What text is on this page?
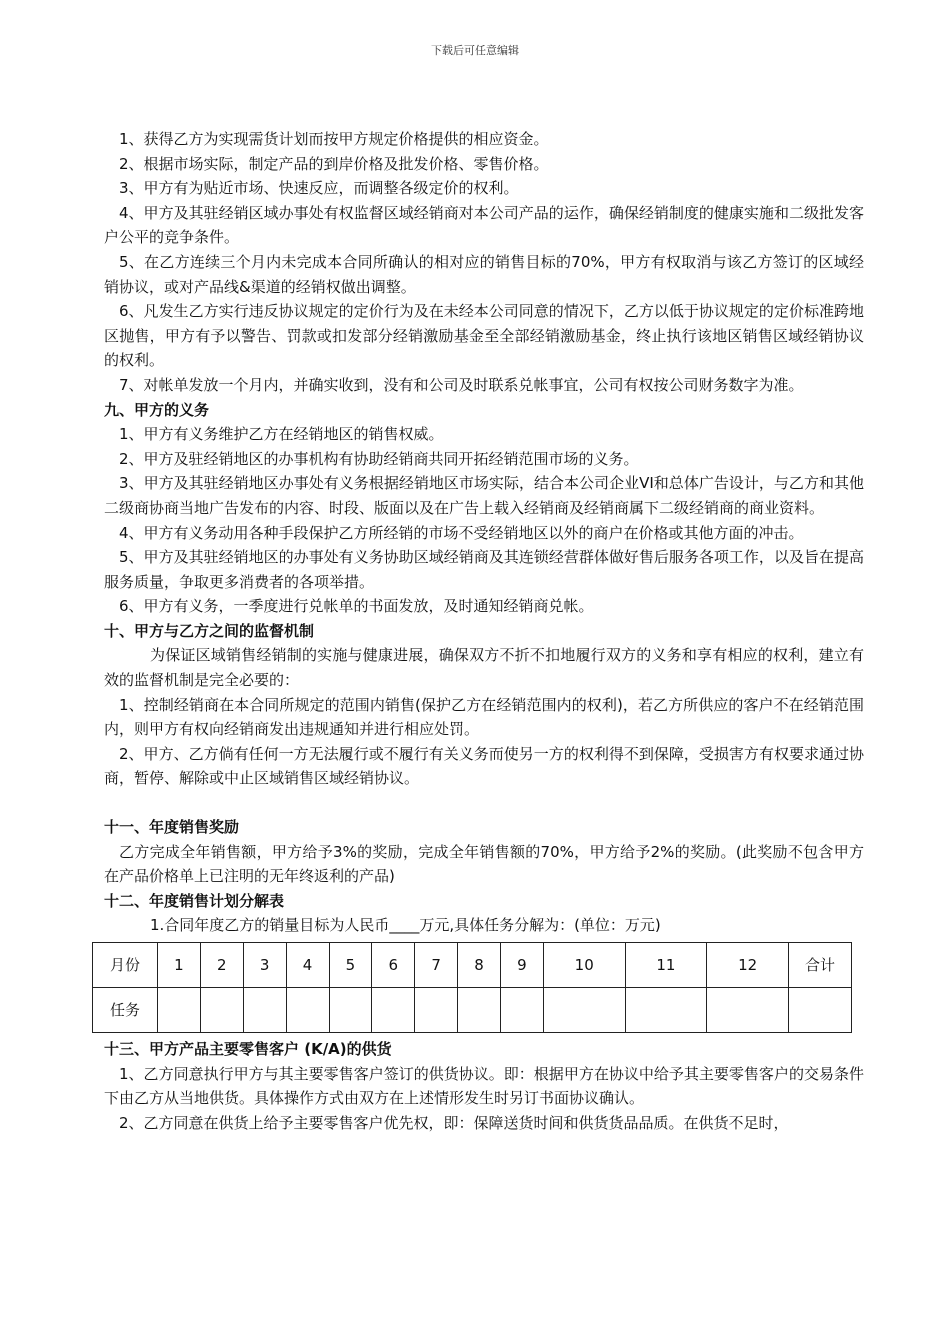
下载后可任意编辑

1、获得乙方为实现需货计划而按甲方规定价格提供的相应资金。

2、根据市场实际，制定产品的到岸价格及批发价格、零售价格。

3、甲方有为贴近市场、快速反应，而调整各级定价的权利。

4、甲方及其驻经销区域办事处有权监督区域经销商对本公司产品的运作，确保经销制度的健康实施和二级批发客户公平的竞争条件。

5、在乙方连续三个月内未完成本合同所确认的相对应的销售目标的70%，甲方有权取消与该乙方签订的区域经销协议，或对产品线&渠道的经销权做出调整。

6、凡发生乙方实行违反协议规定的定价行为及在未经本公司同意的情况下，乙方以低于协议规定的定价标准跨地区抛售，甲方有予以警告、罚款或扣发部分经销激励基金至全部经销激励基金，终止执行该地区销售区域经销协议的权利。

7、对帐单发放一个月内，并确实收到，没有和公司及时联系兑帐事宜，公司有权按公司财务数字为准。

九、甲方的义务

1、甲方有义务维护乙方在经销地区的销售权威。

2、甲方及驻经销地区的办事机构有协助经销商共同开拓经销范围市场的义务。

3、甲方及其驻经销地区办事处有义务根据经销地区市场实际，结合本公司企业VI和总体广告设计，与乙方和其他二级商协商当地广告发布的内容、时段、版面以及在广告上载入经销商及经销商属下二级经销商的商业资料。

4、甲方有义务动用各种手段保护乙方所经销的市场不受经销地区以外的商户在价格或其他方面的冲击。

5、甲方及其驻经销地区的办事处有义务协助区域经销商及其连锁经营群体做好售后服务各项工作，以及旨在提高服务质量，争取更多消费者的各项举措。

6、甲方有义务，一季度进行兑帐单的书面发放，及时通知经销商兑帐。

十、甲方与乙方之间的监督机制

为保证区域销售经销制的实施与健康进展，确保双方不折不扣地履行双方的义务和享有相应的权利，建立有效的监督机制是完全必要的：

1、控制经销商在本合同所规定的范围内销售(保护乙方在经销范围内的权利)，若乙方所供应的客户不在经销范围内，则甲方有权向经销商发出违规通知并进行相应处罚。

2、甲方、乙方倘有任何一方无法履行或不履行有关义务而使另一方的权利得不到保障，受损害方有权要求通过协商，暂停、解除或中止区域销售区域经销协议。

十一、年度销售奖励

乙方完成全年销售额，甲方给予3%的奖励，完成全年销售额的70%，甲方给予2%的奖励。(此奖励不包含甲方在产品价格单上已注明的无年终返利的产品)

十二、年度销售计划分解表

1.合同年度乙方的销量目标为人民币____万元,具体任务分解为：(单位：万元)

月份	1	2	3	4	5	6	7	8	9	10	11	12	合计
任务													

十三、甲方产品主要零售客户 (K/A)的供货

1、乙方同意执行甲方与其主要零售客户签订的供货协议。即：根据甲方在协议中给予其主要零售客户的交易条件下由乙方从当地供货。具体操作方式由双方在上述情形发生时另订书面协议确认。

2、乙方同意在供货上给予主要零售客户优先权，即：保障送货时间和供货货品品质。在供货不足时，
